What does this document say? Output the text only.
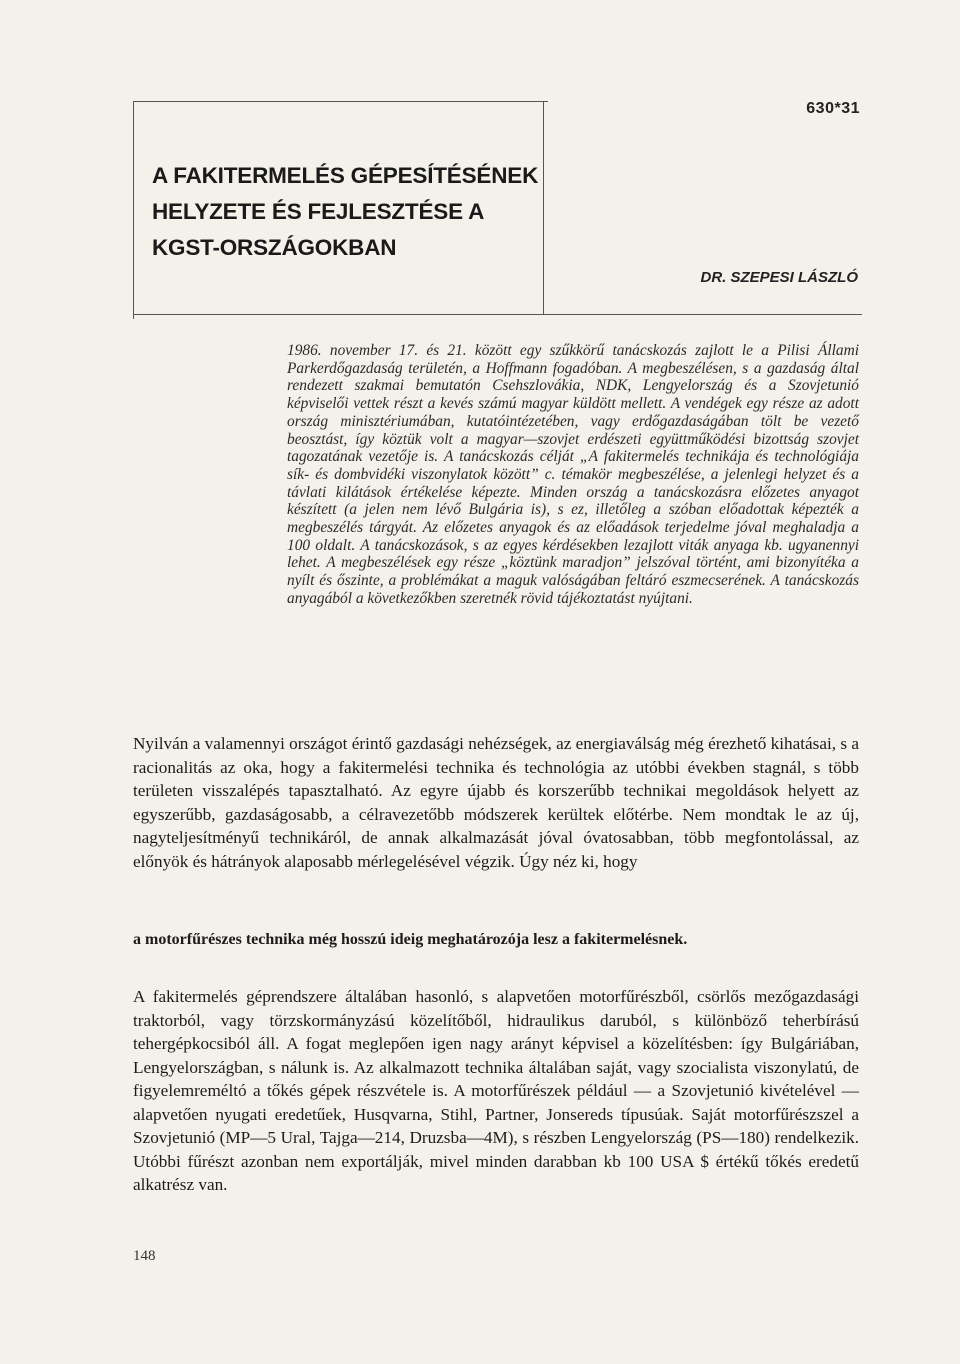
630*31
A FAKITERMELÉS GÉPESÍTÉSÉNEK
HELYZETE ÉS FEJLESZTÉSE A
KGST-ORSZÁGOKBAN
DR. SZEPESI LÁSZLÓ
1986. november 17. és 21. között egy szűkkörű tanácskozás zajlott le a Pilisi Állami Parkerdőgazdaság területén, a Hoffmann fogadóban. A megbeszélésen, s a gazdaság által rendezett szakmai bemutatón Csehszlovákia, NDK, Lengyelország és a Szovjetunió képviselői vettek részt a kevés számú magyar küldött mellett. A vendégek egy része az adott ország minisztériumában, kutatóintézetében, vagy erdőgazdaságában tölt be vezető beosztást, így köztük volt a magyar—szovjet erdészeti együttműködési bizottság szovjet tagozatának vezetője is. A tanácskozás célját „A fakitermelés technikája és technológiája sík- és dombvidéki viszonylatok között” c. témakör megbeszélése, a jelenlegi helyzet és a távlati kilátások értékelése képezte. Minden ország a tanácskozásra előzetes anyagot készített (a jelen nem lévő Bulgária is), s ez, illetőleg a szóban előadottak képezték a megbeszélés tárgyát. Az előzetes anyagok és az előadások terjedelme jóval meghaladja a 100 oldalt. A tanácskozások, s az egyes kérdésekben lezajlott viták anyaga kb. ugyanennyi lehet. A megbeszélések egy része „köztünk maradjon” jelszóval történt, ami bizonyítéka a nyílt és őszinte, a problémákat a maguk valóságában feltáró eszmecserének. A tanácskozás anyagából a következőkben szeretnék rövid tájékoztatást nyújtani.
Nyilván a valamennyi országot érintő gazdasági nehézségek, az energiaválság még érezhető kihatásai, s a racionalitás az oka, hogy a fakitermelési technika és technológia az utóbbi években stagnál, s több területen visszalépés tapasztalható. Az egyre újabb és korszerűbb technikai megoldások helyett az egyszerűbb, gazdaságosabb, a célravezetőbb módszerek kerültek előtérbe. Nem mondtak le az új, nagyteljesítményű technikáról, de annak alkalmazását jóval óvatosabban, több megfontolással, az előnyök és hátrányok alaposabb mérlegelésével végzik. Úgy néz ki, hogy
a motorfűrészes technika még hosszú ideig meghatározója lesz a fakitermelésnek.
A fakitermelés géprendszere általában hasonló, s alapvetően motorfűrészből, csörlős mezőgazdasági traktorból, vagy törzskormányzású közelítőből, hidraulikus daruból, s különböző teherbírású tehergépkocsiból áll. A fogat meglepően igen nagy arányt képvisel a közelítésben: így Bulgáriában, Lengyelországban, s nálunk is. Az alkalmazott technika általában saját, vagy szocialista viszonylatú, de figyelemreméltó a tőkés gépek részvétele is. A motorfűrészek például — a Szovjetunió kivételével — alapvetően nyugati eredetűek, Husqvarna, Stihl, Partner, Jonsereds típusúak. Saját motorfűrészszel a Szovjetunió (MP—5 Ural, Tajga—214, Druzsba—4M), s részben Lengyelország (PS—180) rendelkezik. Utóbbi fűrészt azonban nem exportálják, mivel minden darabban kb 100 USA $ értékű tőkés eredetű alkatrész van.
148
